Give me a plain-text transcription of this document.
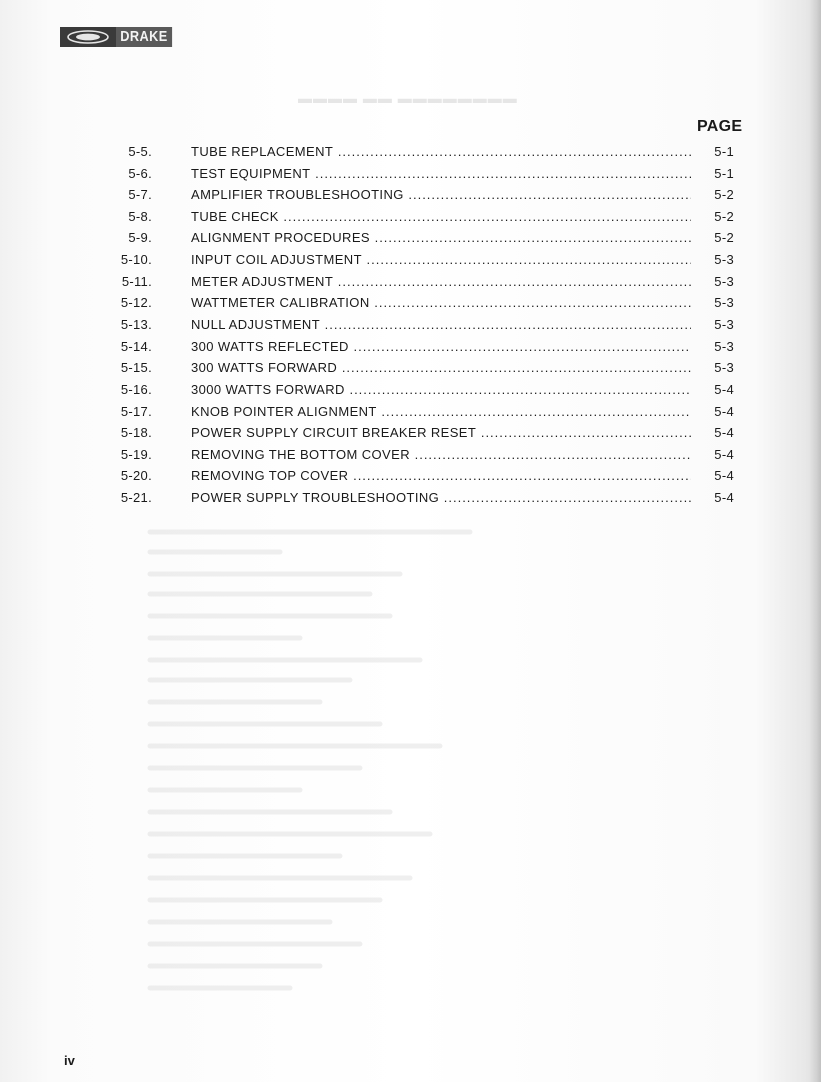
DRAKE
▬▬▬▬ ▬▬ ▬▬▬▬▬▬▬▬
PAGE
5-5.	TUBE REPLACEMENT .....	5-1
5-6.	TEST EQUIPMENT .....	5-1
5-7.	AMPLIFIER TROUBLESHOOTING .....	5-2
5-8.	TUBE CHECK .....	5-2
5-9.	ALIGNMENT PROCEDURES .....	5-2
5-10.	INPUT COIL ADJUSTMENT .....	5-3
5-11.	METER ADJUSTMENT .....	5-3
5-12.	WATTMETER CALIBRATION .....	5-3
5-13.	NULL ADJUSTMENT .....	5-3
5-14.	300 WATTS REFLECTED .....	5-3
5-15.	300 WATTS FORWARD .....	5-3
5-16.	3000 WATTS FORWARD .....	5-4
5-17.	KNOB POINTER ALIGNMENT .....	5-4
5-18.	POWER SUPPLY CIRCUIT BREAKER RESET .....	5-4
5-19.	REMOVING THE BOTTOM COVER .....	5-4
5-20.	REMOVING TOP COVER .....	5-4
5-21.	POWER SUPPLY TROUBLESHOOTING .....	5-4
iv
